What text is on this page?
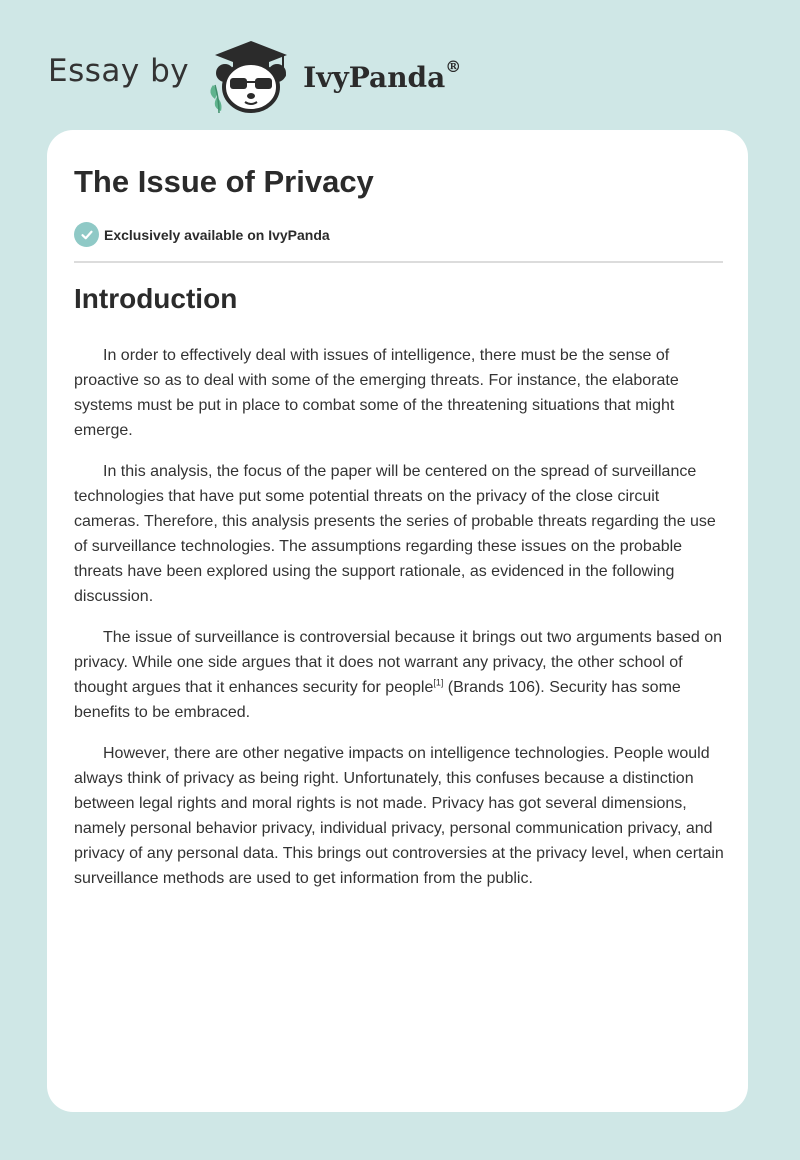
Essay by	IvyPanda®
The Issue of Privacy
Exclusively available on IvyPanda
Introduction

In order to effectively deal with issues of intelligence, there must be the sense of proactive so as to deal with some of the emerging threats. For instance, the elaborate systems must be put in place to combat some of the threatening situations that might emerge.

In this analysis, the focus of the paper will be centered on the spread of surveillance technologies that have put some potential threats on the privacy of the close circuit cameras. Therefore, this analysis presents the series of probable threats regarding the use of surveillance technologies. The assumptions regarding these issues on the probable threats have been explored using the support rationale, as evidenced in the following discussion.

The issue of surveillance is controversial because it brings out two arguments based on privacy. While one side argues that it does not warrant any privacy, the other school of thought argues that it enhances security for people[1] (Brands 106). Security has some benefits to be embraced.

However, there are other negative impacts on intelligence technologies. People would always think of privacy as being right. Unfortunately, this confuses because a distinction between legal rights and moral rights is not made. Privacy has got several dimensions, namely personal behavior privacy, individual privacy, personal communication privacy, and privacy of any personal data. This brings out controversies at the privacy level, when certain surveillance methods are used to get information from the public.
